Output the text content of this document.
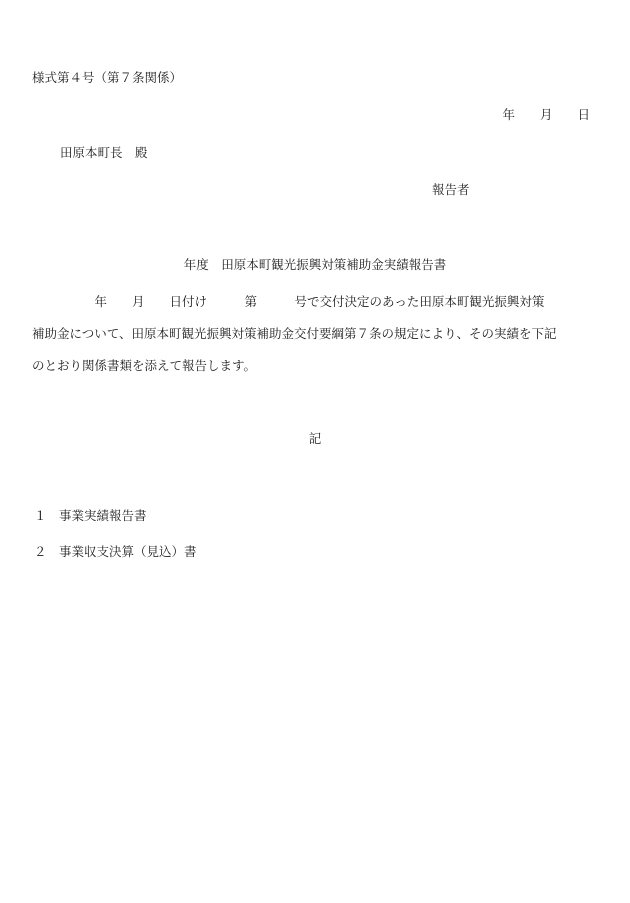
様式第４号（第７条関係）
年　　月　　日
田原本町長　殿
報告者
年度　田原本町観光振興対策補助金実績報告書
　　　　　年　　月　　日付け　　　第　　　号で交付決定のあった田原本町観光振興対策
補助金について、田原本町観光振興対策補助金交付要綱第７条の規定により、その実績を下記
のとおり関係書類を添えて報告します。
記
１　事業実績報告書
２　事業収支決算（見込）書
